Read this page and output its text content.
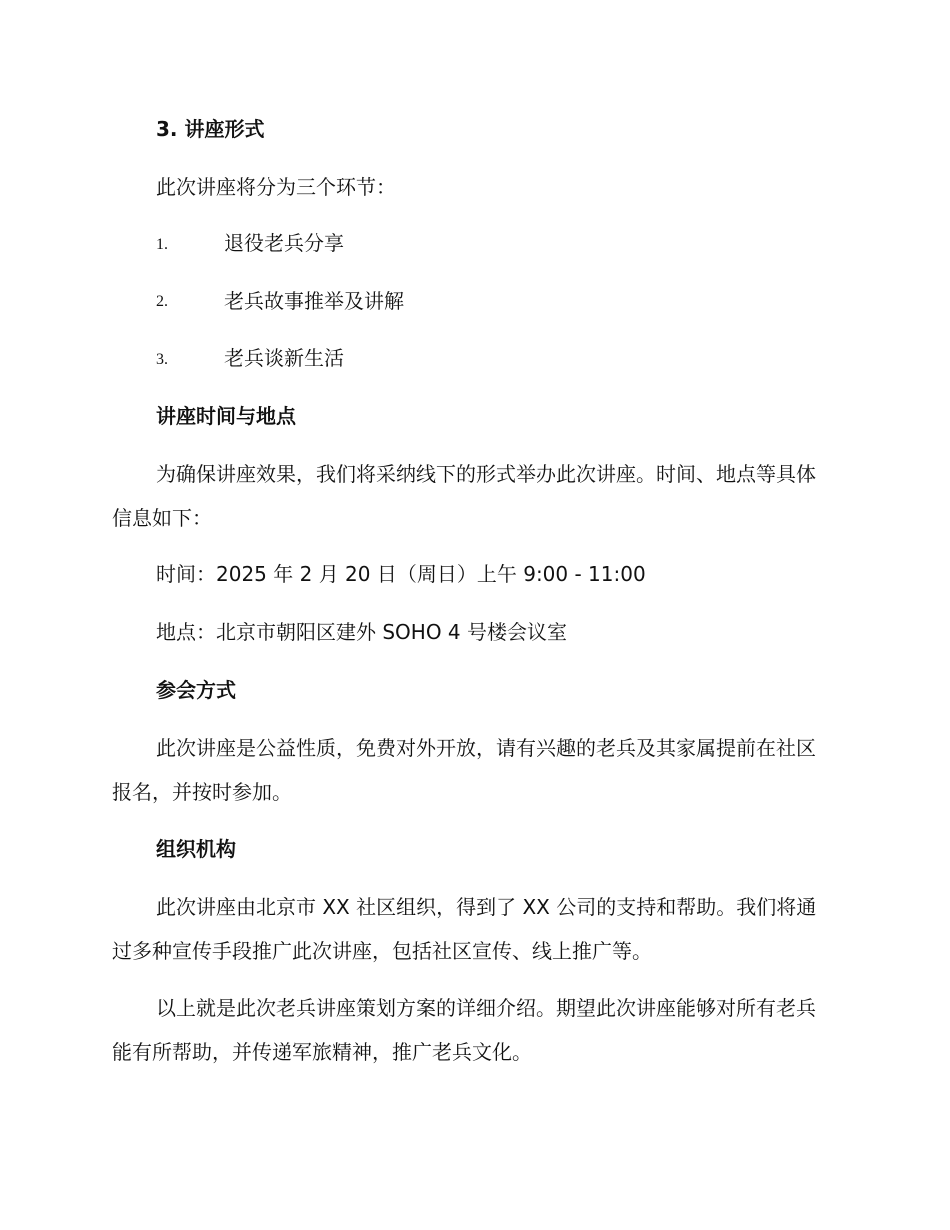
3. 讲座形式
此次讲座将分为三个环节：
1.	退役老兵分享
2.	老兵故事推举及讲解
3.	老兵谈新生活
讲座时间与地点
为确保讲座效果，我们将采纳线下的形式举办此次讲座。时间、地点等具体信息如下：
时间：2025 年 2 月 20 日（周日）上午 9:00 - 11:00
地点：北京市朝阳区建外 SOHO 4 号楼会议室
参会方式
此次讲座是公益性质，免费对外开放，请有兴趣的老兵及其家属提前在社区报名，并按时参加。
组织机构
此次讲座由北京市 XX 社区组织，得到了 XX 公司的支持和帮助。我们将通过多种宣传手段推广此次讲座，包括社区宣传、线上推广等。
以上就是此次老兵讲座策划方案的详细介绍。期望此次讲座能够对所有老兵能有所帮助，并传递军旅精神，推广老兵文化。
